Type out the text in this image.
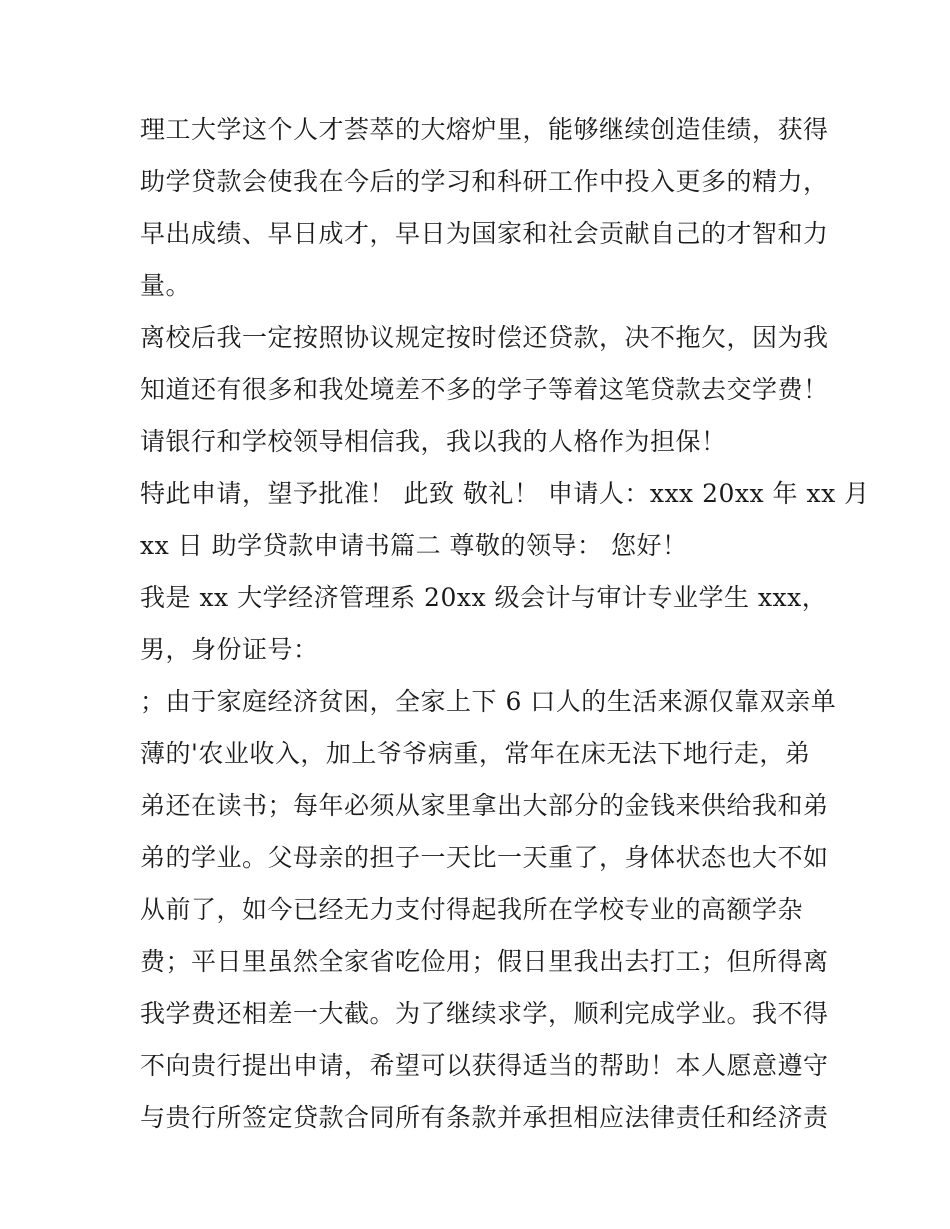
理工大学这个人才荟萃的大熔炉里，能够继续创造佳绩，获得
助学贷款会使我在今后的学习和科研工作中投入更多的精力，
早出成绩、早日成才，早日为国家和社会贡献自己的才智和力
量。
离校后我一定按照协议规定按时偿还贷款，决不拖欠，因为我
知道还有很多和我处境差不多的学子等着这笔贷款去交学费！
请银行和学校领导相信我，我以我的人格作为担保！
特此申请，望予批准！ 此致 敬礼！ 申请人：xxx 20xx 年 xx 月
xx 日 助学贷款申请书篇二 尊敬的领导： 您好！
我是 xx 大学经济管理系 20xx 级会计与审计专业学生 xxx，
男，身份证号：
；由于家庭经济贫困，全家上下 6 口人的生活来源仅靠双亲单
薄的'农业收入，加上爷爷病重，常年在床无法下地行走，弟
弟还在读书；每年必须从家里拿出大部分的金钱来供给我和弟
弟的学业。父母亲的担子一天比一天重了，身体状态也大不如
从前了，如今已经无力支付得起我所在学校专业的高额学杂
费；平日里虽然全家省吃俭用；假日里我出去打工；但所得离
我学费还相差一大截。为了继续求学，顺利完成学业。我不得
不向贵行提出申请，希望可以获得适当的帮助！本人愿意遵守
与贵行所签定贷款合同所有条款并承担相应法律责任和经济责
